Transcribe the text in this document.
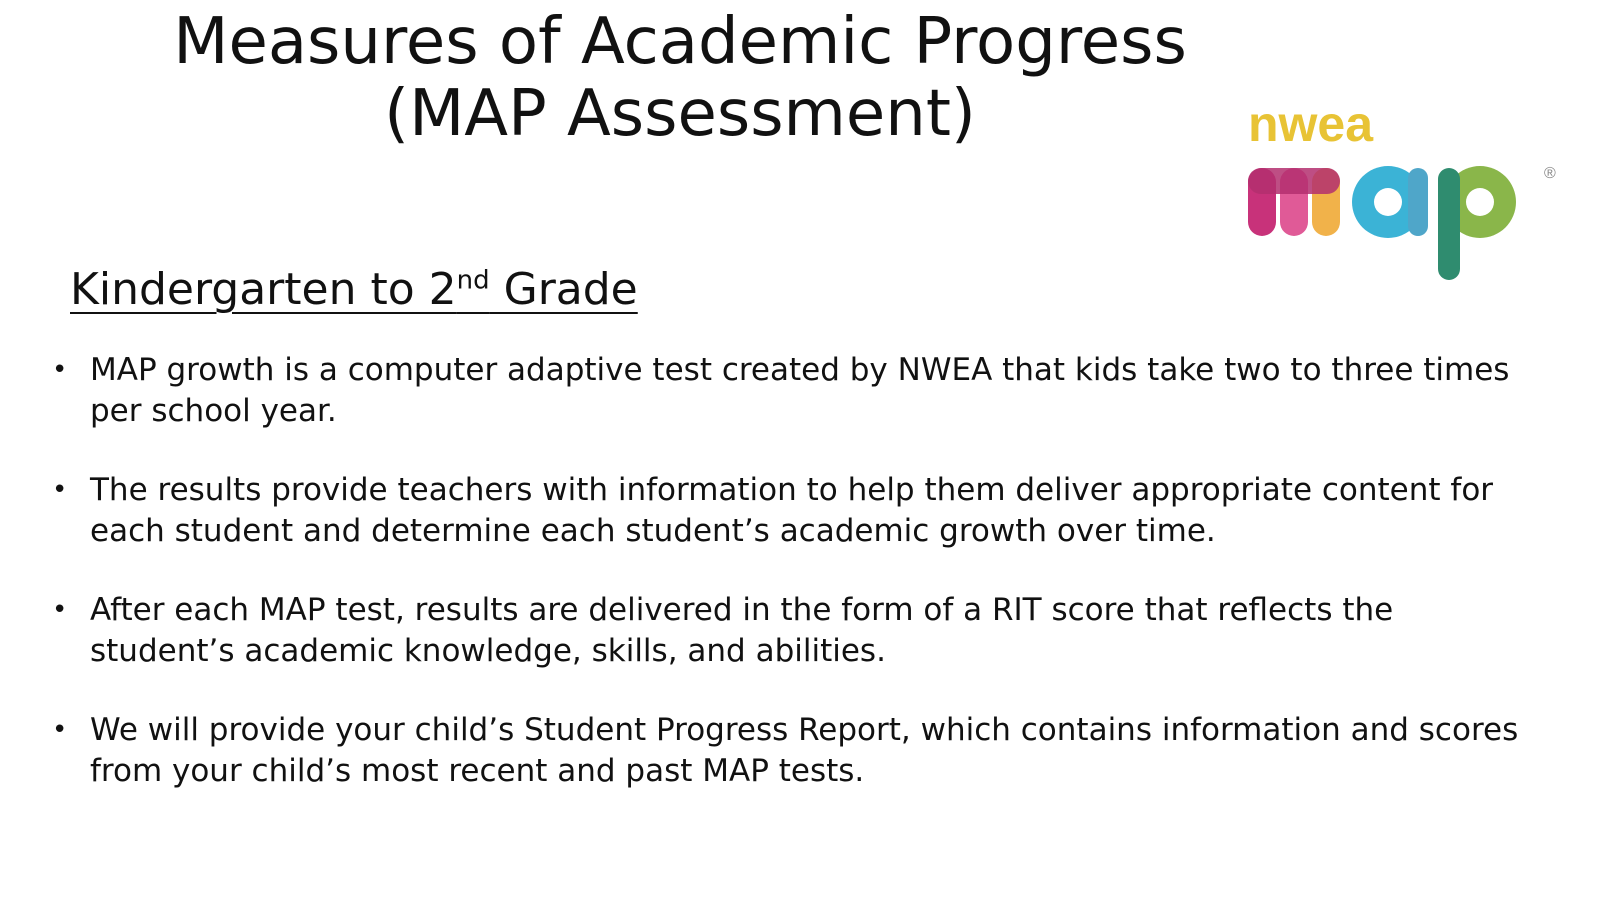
Measures of Academic Progress
(MAP Assessment)	nwea
®
Kindergarten to 2nd Grade
• MAP growth is a computer adaptive test created by NWEA that kids take two to three times per school year.
• The results provide teachers with information to help them deliver appropriate content for each student and determine each student’s academic growth over time.
• After each MAP test, results are delivered in the form of a RIT score that reflects the student’s academic knowledge, skills, and abilities.
• We will provide your child’s Student Progress Report, which contains information and scores from your child’s most recent and past MAP tests.
